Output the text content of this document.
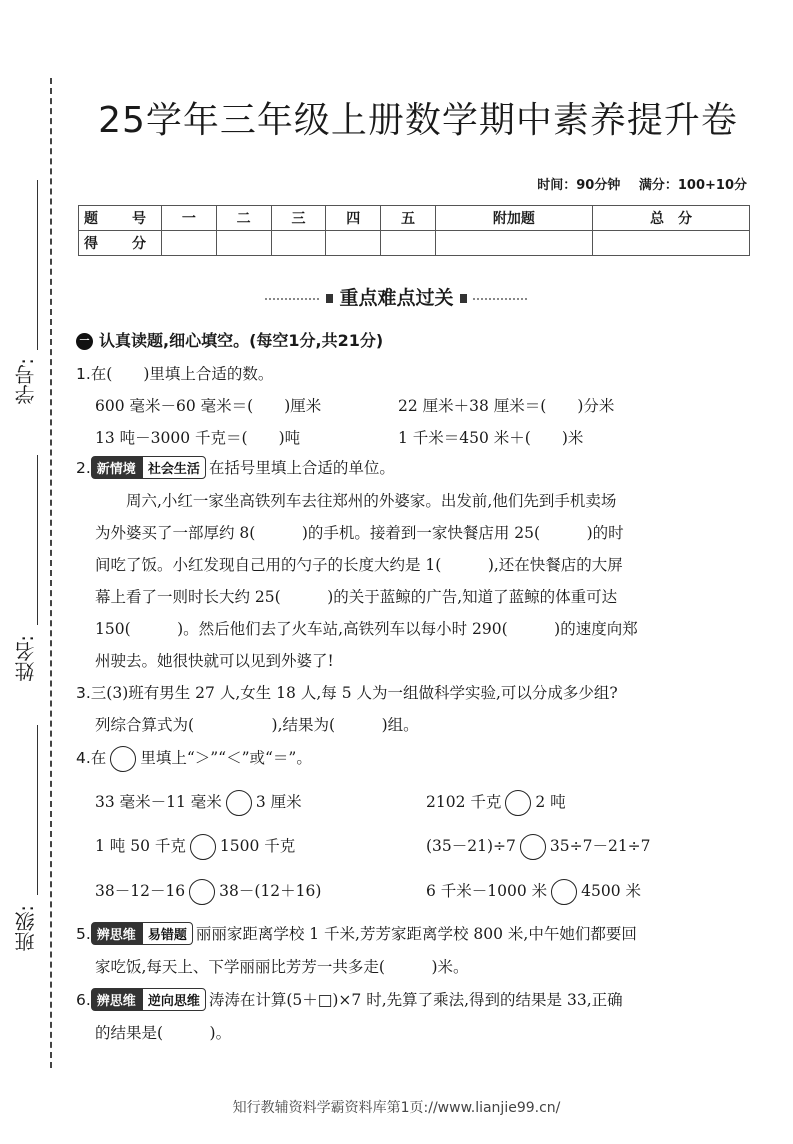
学号:
姓名:
班级:
25学年三年级上册数学期中素养提升卷
时间：90分钟 满分：100+10分
题　号	一	二	三	四	五	附加题	总　分
得　分							
重点难点过关
一 认真读题,细心填空。(每空1分,共21分)
1.在(　　)里填上合适的数。
600 毫米－60 毫米＝(　　)厘米	22 厘米＋38 厘米＝(　　)分米
13 吨－3000 千克＝(　　)吨	1 千米＝450 米＋(　　)米
2. 新情境 社会生活 在括号里填上合适的单位。
周六,小红一家坐高铁列车去往郑州的外婆家。出发前,他们先到手机卖场
为外婆买了一部厚约 8(　　　)的手机。接着到一家快餐店用 25(　　　)的时
间吃了饭。小红发现自己用的勺子的长度大约是 1(　　　),还在快餐店的大屏
幕上看了一则时长大约 25(　　　)的关于蓝鲸的广告,知道了蓝鲸的体重可达
150(　　　)。然后他们去了火车站,高铁列车以每小时 290(　　　)的速度向郑
州驶去。她很快就可以见到外婆了!
3.三(3)班有男生 27 人,女生 18 人,每 5 人为一组做科学实验,可以分成多少组?
列综合算式为(　　　　　),结果为(　　　)组。
4.在 里填上“＞”“＜”或“＝”。
33 毫米－11 毫米 3 厘米	2102 千克 2 吨
1 吨 50 千克 1500 千克	(35－21)÷7 35÷7－21÷7
38－12－16 38－(12＋16)	6 千米－1000 米 4500 米
5. 辨思维 易错题 丽丽家距离学校 1 千米,芳芳家距离学校 800 米,中午她们都要回
家吃饭,每天上、下学丽丽比芳芳一共多走(　　　)米。
6. 辨思维 逆向思维 涛涛在计算(5＋□)×7 时,先算了乘法,得到的结果是 33,正确
的结果是(　　　)。
知行教辅资料学霸资料库第1页://www.lianjie99.cn/
